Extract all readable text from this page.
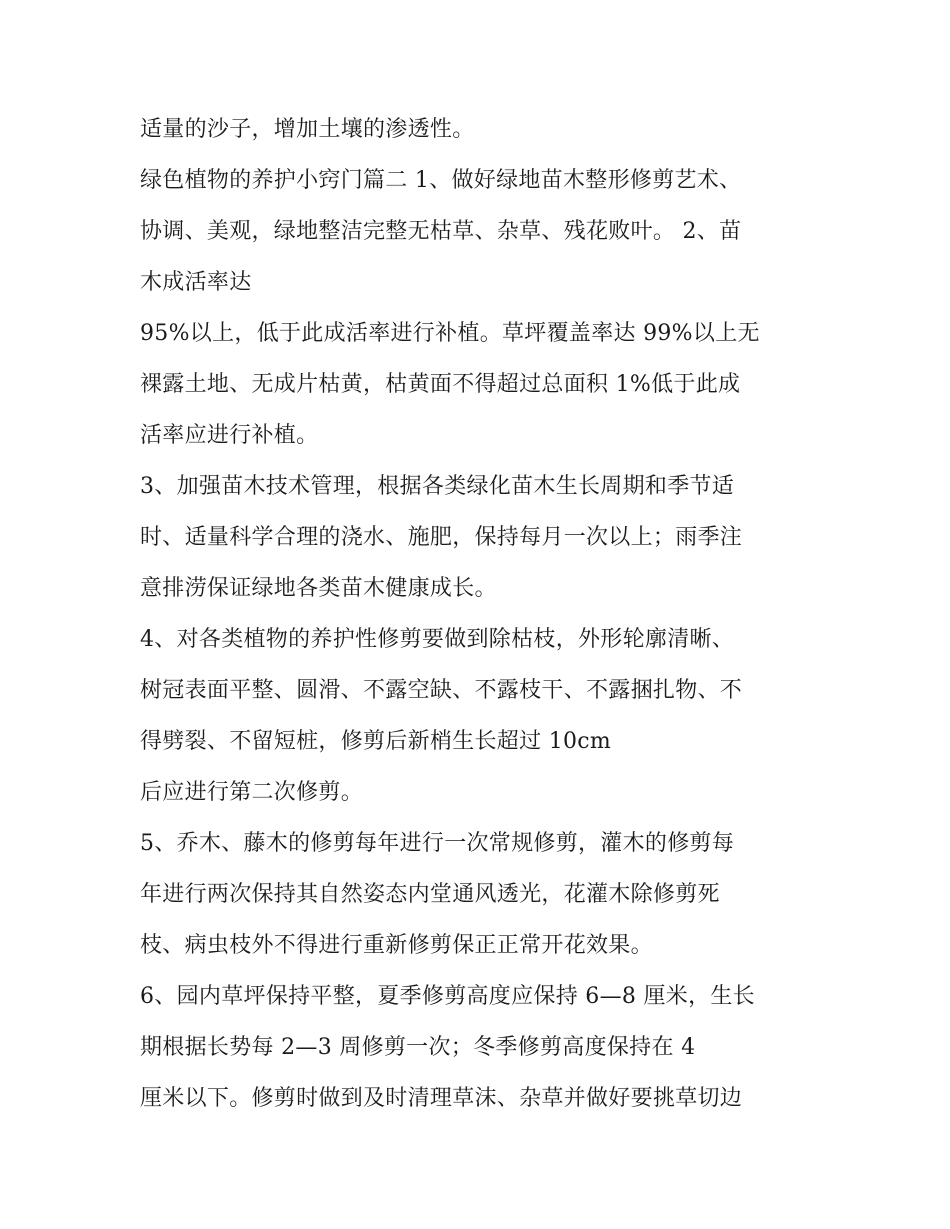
适量的沙子，增加土壤的渗透性。
绿色植物的养护小窍门篇二 1、做好绿地苗木整形修剪艺术、
协调、美观，绿地整洁完整无枯草、杂草、残花败叶。 2、苗
木成活率达
95%以上，低于此成活率进行补植。草坪覆盖率达 99%以上无
裸露土地、无成片枯黄，枯黄面不得超过总面积 1%低于此成
活率应进行补植。
3、加强苗木技术管理，根据各类绿化苗木生长周期和季节适
时、适量科学合理的浇水、施肥，保持每月一次以上；雨季注
意排涝保证绿地各类苗木健康成长。
4、对各类植物的养护性修剪要做到除枯枝，外形轮廓清晰、
树冠表面平整、圆滑、不露空缺、不露枝干、不露捆扎物、不
得劈裂、不留短桩，修剪后新梢生长超过 10cm
后应进行第二次修剪。
5、乔木、藤木的修剪每年进行一次常规修剪，灌木的修剪每
年进行两次保持其自然姿态内堂通风透光，花灌木除修剪死
枝、病虫枝外不得进行重新修剪保正正常开花效果。
6、园内草坪保持平整，夏季修剪高度应保持 6—8 厘米，生长
期根据长势每 2—3 周修剪一次；冬季修剪高度保持在 4
厘米以下。修剪时做到及时清理草沫、杂草并做好要挑草切边
